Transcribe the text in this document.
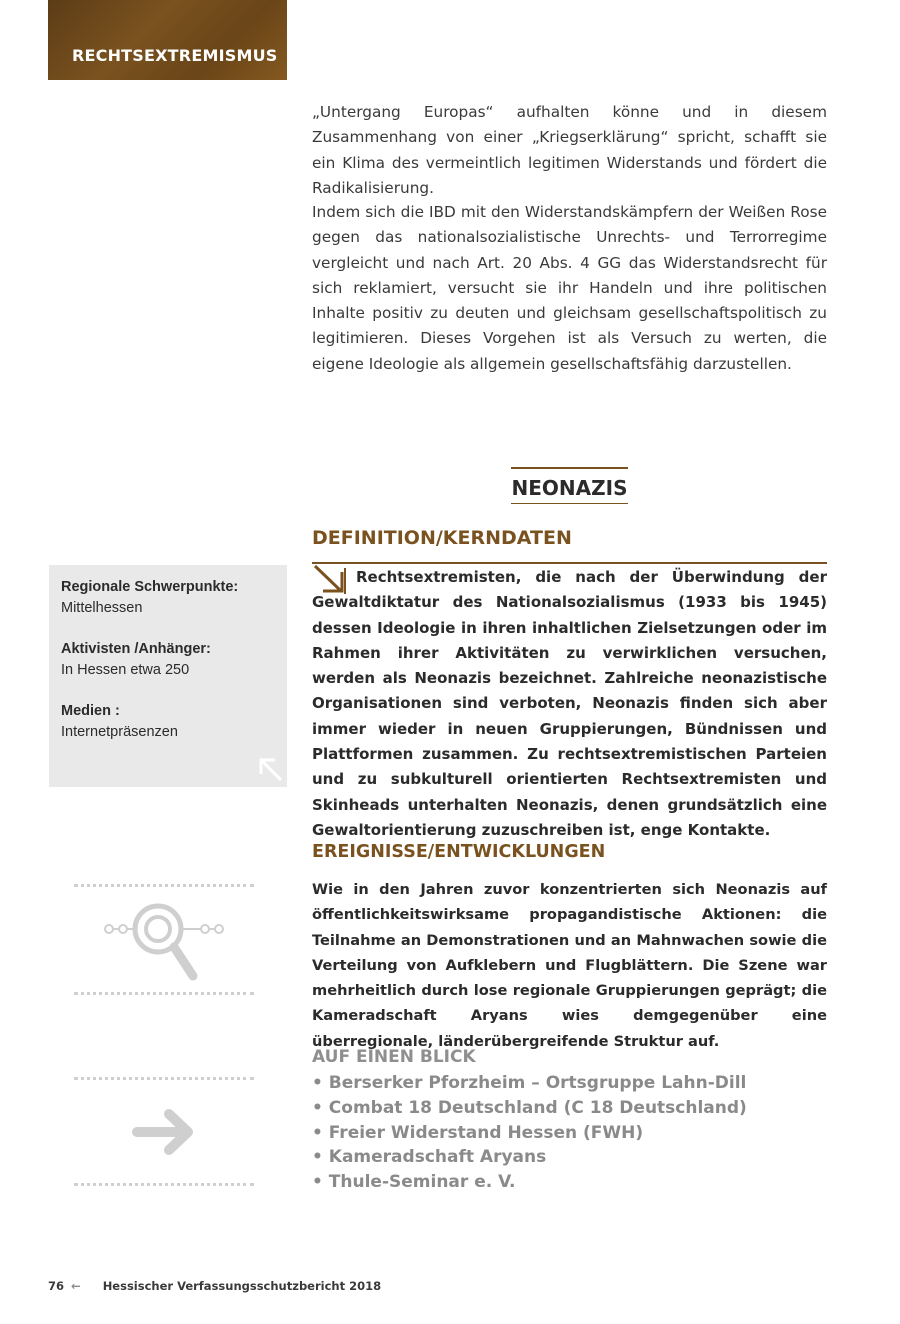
RECHTSEXTREMISMUS

„Untergang Europas“ aufhalten könne und in diesem Zusammenhang von einer „Kriegserklärung“ spricht, schafft sie ein Klima des vermeintlich legitimen Widerstands und fördert die Radikalisierung.

Indem sich die IBD mit den Widerstandskämpfern der Weißen Rose gegen das nationalsozialistische Unrechts- und Terrorregime vergleicht und nach Art. 20 Abs. 4 GG das Widerstandsrecht für sich reklamiert, versucht sie ihr Handeln und ihre politischen Inhalte positiv zu deuten und gleichsam gesellschaftspolitisch zu legitimieren. Dieses Vorgehen ist als Versuch zu werten, die eigene Ideologie als allgemein gesellschaftsfähig darzustellen.

NEONAZIS
DEFINITION/KERNDATEN

Rechtsextremisten, die nach der Überwindung der Gewaltdiktatur des Nationalsozialismus (1933 bis 1945) dessen Ideologie in ihren inhaltlichen Zielsetzungen oder im Rahmen ihrer Aktivitäten zu verwirklichen versuchen, werden als Neonazis bezeichnet. Zahlreiche neonazistische Organisationen sind verboten, Neonazis finden sich aber immer wieder in neuen Gruppierungen, Bündnissen und Plattformen zusammen. Zu rechtsextremistischen Parteien und zu subkulturell orientierten Rechtsextremisten und Skinheads unterhalten Neonazis, denen grundsätzlich eine Gewaltorientierung zuzuschreiben ist, enge Kontakte.

Regionale Schwerpunkte:
Mittelhessen
Aktivisten /Anhänger:
In Hessen etwa 250
Medien :
Internetpräsenzen
EREIGNISSE/ENTWICKLUNGEN

Wie in den Jahren zuvor konzentrierten sich Neonazis auf öffentlichkeitswirksame propagandistische Aktionen: die Teilnahme an Demonstrationen und an Mahnwachen sowie die Verteilung von Aufklebern und Flugblättern. Die Szene war mehrheitlich durch lose regionale Gruppierungen geprägt; die Kameradschaft Aryans wies demgegenüber eine überregionale, länderübergreifende Struktur auf.

AUF EINEN BLICK
• Berserker Pforzheim – Ortsgruppe Lahn-Dill
• Combat 18 Deutschland (C 18 Deutschland)
• Freier Widerstand Hessen (FWH)
• Kameradschaft Aryans
• Thule-Seminar e. V.
76 ← Hessischer Verfassungsschutzbericht 2018
